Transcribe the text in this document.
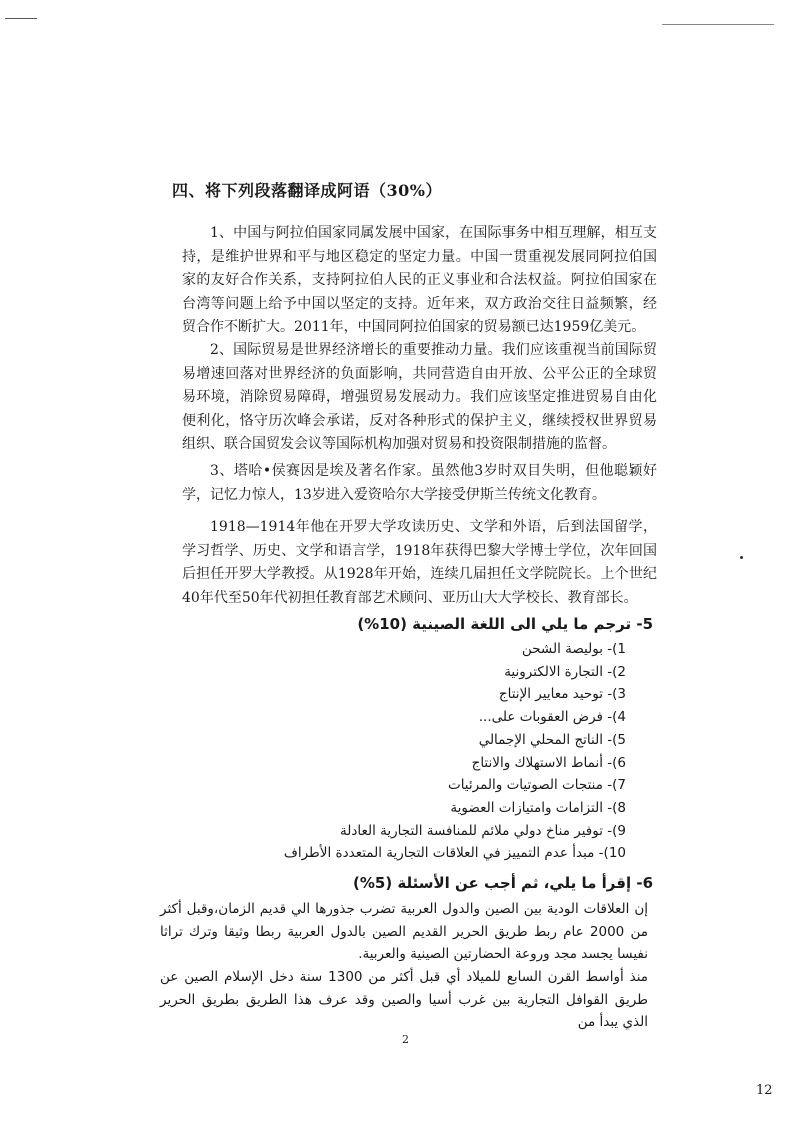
四、将下列段落翻译成阿语（30%）

1、中国与阿拉伯国家同属发展中国家，在国际事务中相互理解，相互支持，是维护世界和平与地区稳定的坚定力量。中国一贯重视发展同阿拉伯国家的友好合作关系，支持阿拉伯人民的正义事业和合法权益。阿拉伯国家在台湾等问题上给予中国以坚定的支持。近年来，双方政治交往日益频繁，经贸合作不断扩大。2011年，中国同阿拉伯国家的贸易额已达1959亿美元。

2、国际贸易是世界经济增长的重要推动力量。我们应该重视当前国际贸易增速回落对世界经济的负面影响，共同营造自由开放、公平公正的全球贸易环境，消除贸易障碍，增强贸易发展动力。我们应该坚定推进贸易自由化便利化，恪守历次峰会承诺，反对各种形式的保护主义，继续授权世界贸易组织、联合国贸发会议等国际机构加强对贸易和投资限制措施的监督。

3、塔哈•侯赛因是埃及著名作家。虽然他3岁时双目失明，但他聪颖好学，记忆力惊人，13岁进入爱资哈尔大学接受伊斯兰传统文化教育。

1918—1914年他在开罗大学攻读历史、文学和外语，后到法国留学，学习哲学、历史、文学和语言学，1918年获得巴黎大学博士学位，次年回国后担任开罗大学教授。从1928年开始，连续几届担任文学院院长。上个世纪40年代至50年代初担任教育部艺术顾问、亚历山大大学校长、教育部长。

5- ترجم ما يلي الى اللغة الصينية (10%)

1)- بوليصة الشحن
2)- التجارة الالكترونية
3)- توحيد معايير الإنتاج
4)- فرض العقوبات على...
5)- الناتج المحلي الإجمالي
6)- أنماط الاستهلاك والانتاج
7)- منتجات الصوتيات والمرئيات
8)- التزامات وامتيازات العضوية
9)- توفير مناخ دولي ملائم للمنافسة التجارية العادلة
10)- مبدأ عدم التمييز في العلاقات التجارية المتعددة الأطراف

6- إقرأ ما يلي، ثم أجب عن الأسئلة (5%)

إن العلاقات الودية بين الصين والدول العربية تضرب جذورها الي قديم الزمان،وقبل أكثر من 2000 عام ربط طريق الحرير القديم الصين بالدول العربية ربطا وثيقا وترك تراثا نفيسا يجسد مجد وروعة الحضارتين الصينية والعربية.

منذ أواسط القرن السابع للميلاد أي قبل أكثر من 1300 سنة دخل الإسلام الصين عن طريق القوافل التجارية بين غرب أسيا والصين وقد عرف هذا الطريق بطريق الحرير الذي يبدأ من

2
12
